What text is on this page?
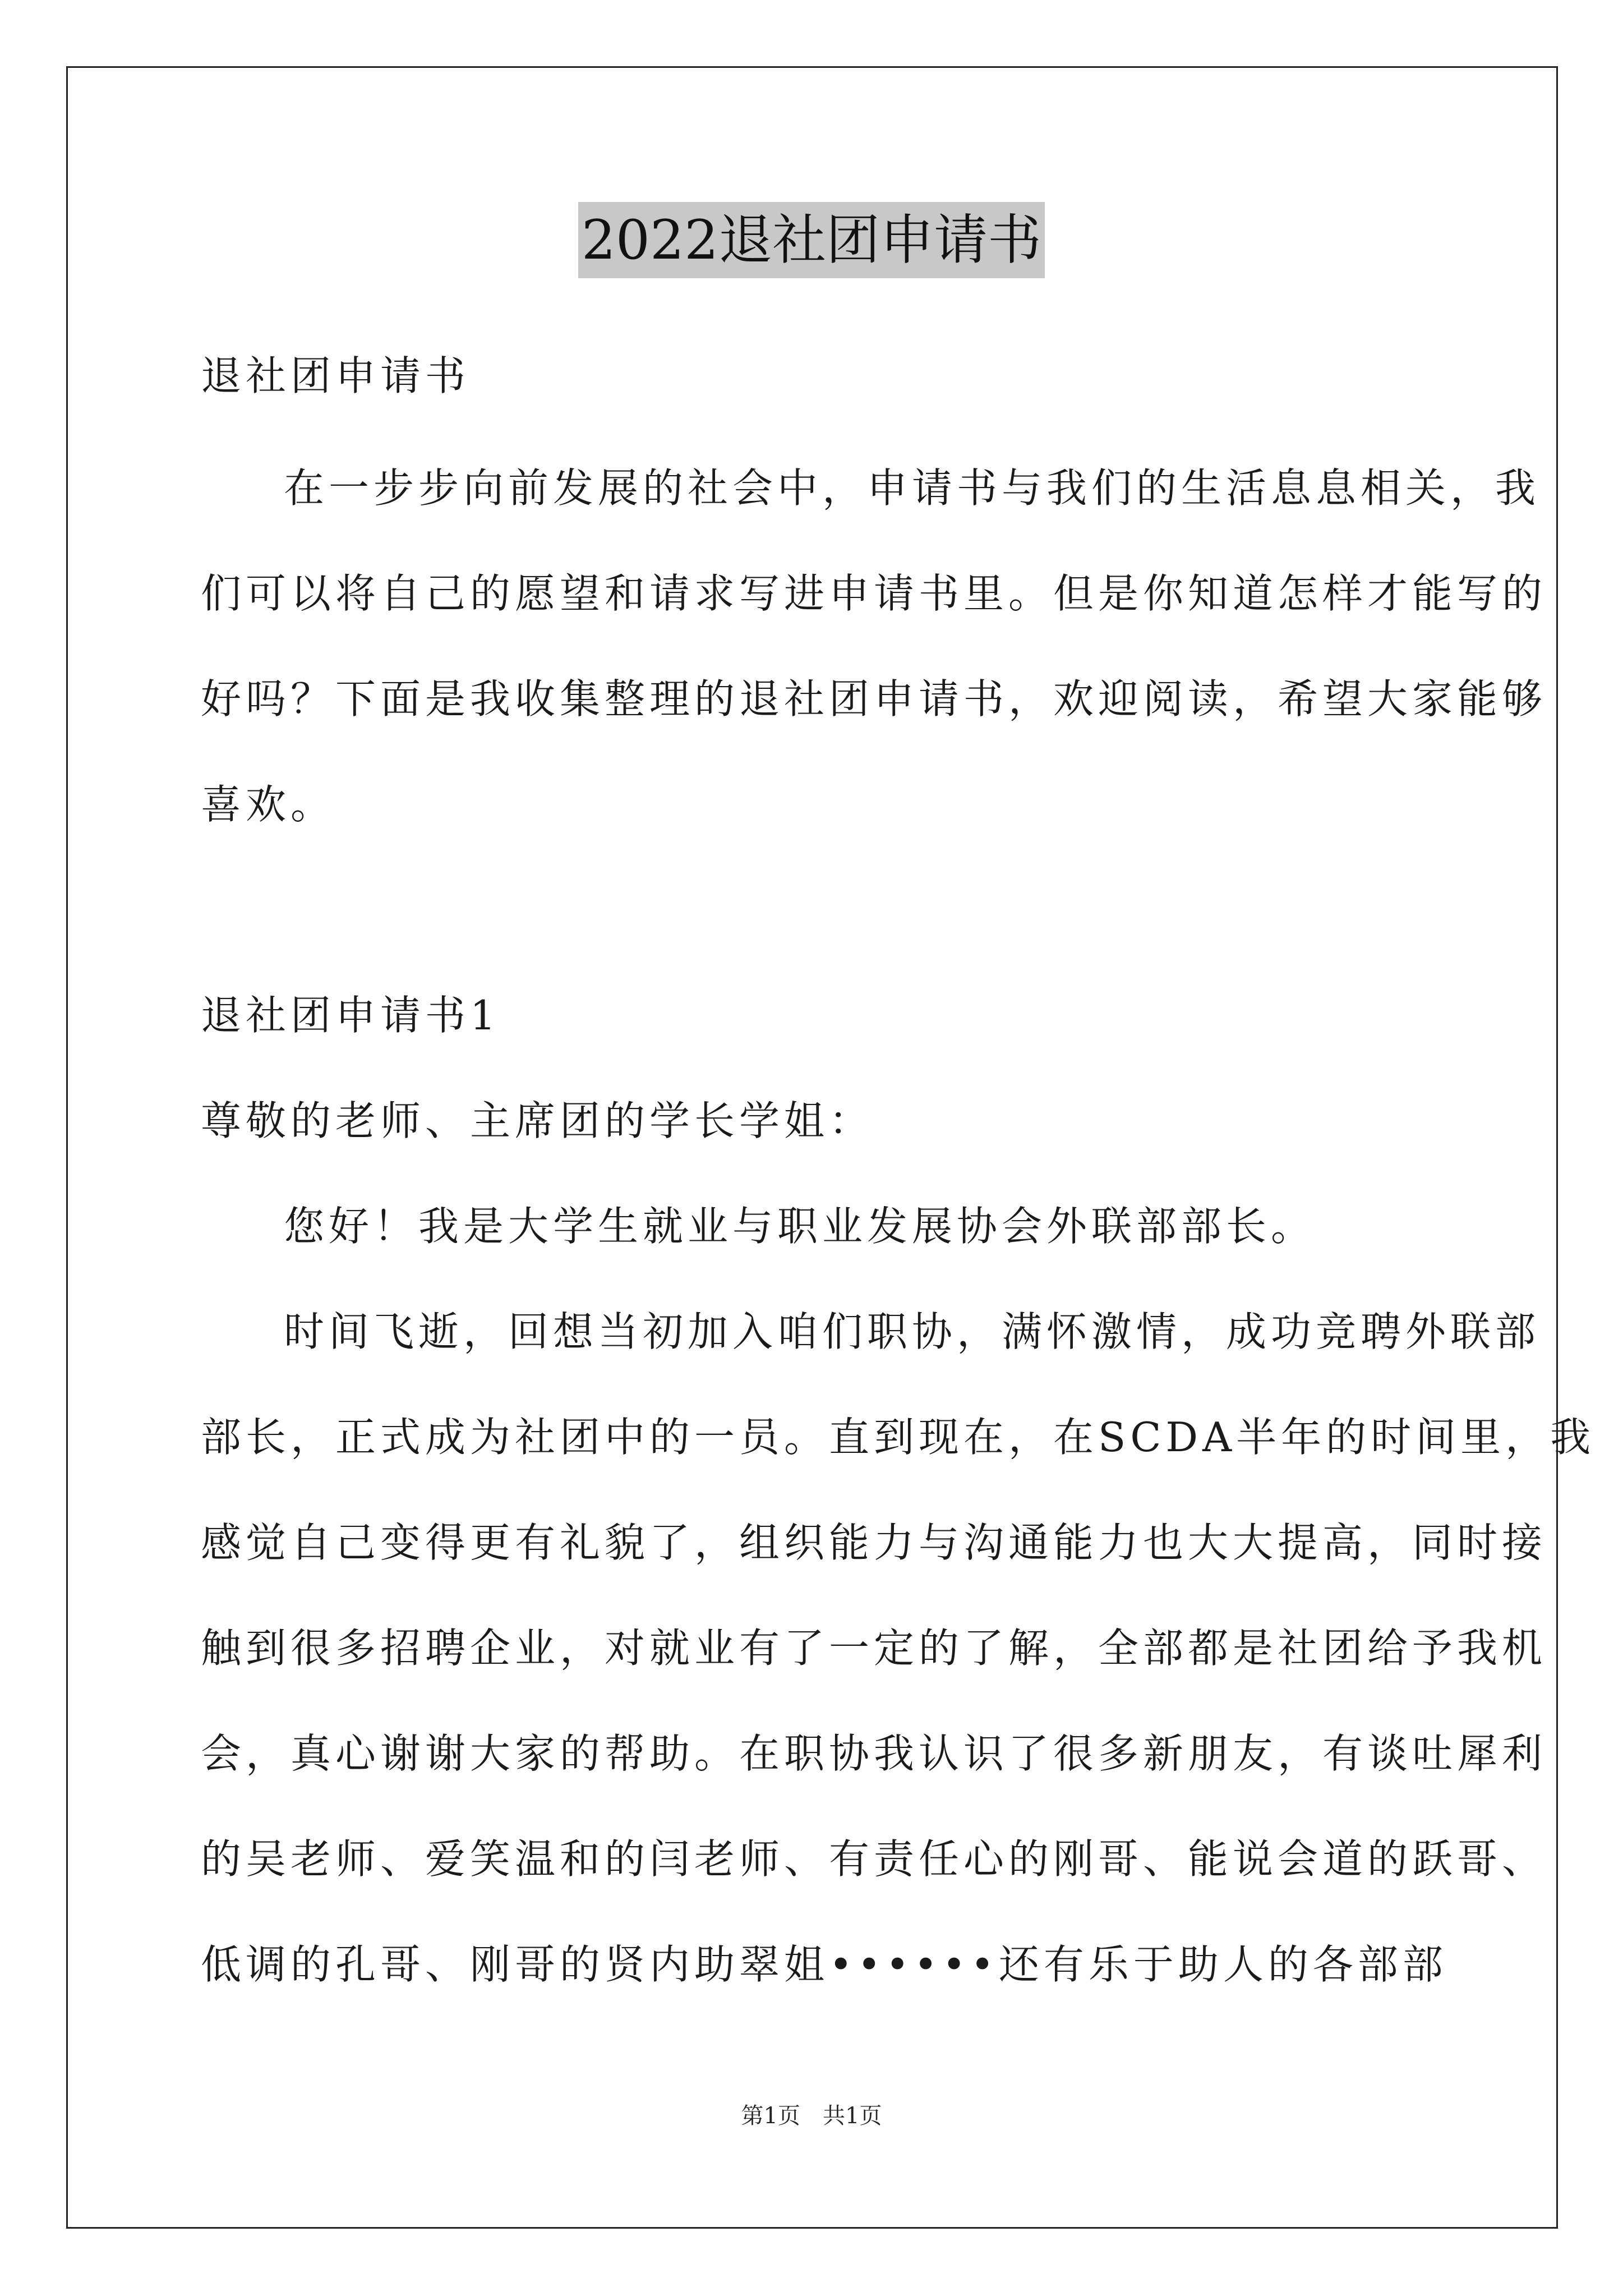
2022退社团申请书
退社团申请书
在一步步向前发展的社会中，申请书与我们的生活息息相关，我
们可以将自己的愿望和请求写进申请书里。但是你知道怎样才能写的
好吗？下面是我收集整理的退社团申请书，欢迎阅读，希望大家能够
喜欢。
退社团申请书1
尊敬的老师、主席团的学长学姐：
您好！我是大学生就业与职业发展协会外联部部长。
时间飞逝，回想当初加入咱们职协，满怀激情，成功竞聘外联部
部长，正式成为社团中的一员。直到现在，在SCDA半年的时间里，我
感觉自己变得更有礼貌了，组织能力与沟通能力也大大提高，同时接
触到很多招聘企业，对就业有了一定的了解，全部都是社团给予我机
会，真心谢谢大家的帮助。在职协我认识了很多新朋友，有谈吐犀利
的吴老师、爱笑温和的闫老师、有责任心的刚哥、能说会道的跃哥、
低调的孔哥、刚哥的贤内助翠姐••••••还有乐于助人的各部部
第1页　共1页
